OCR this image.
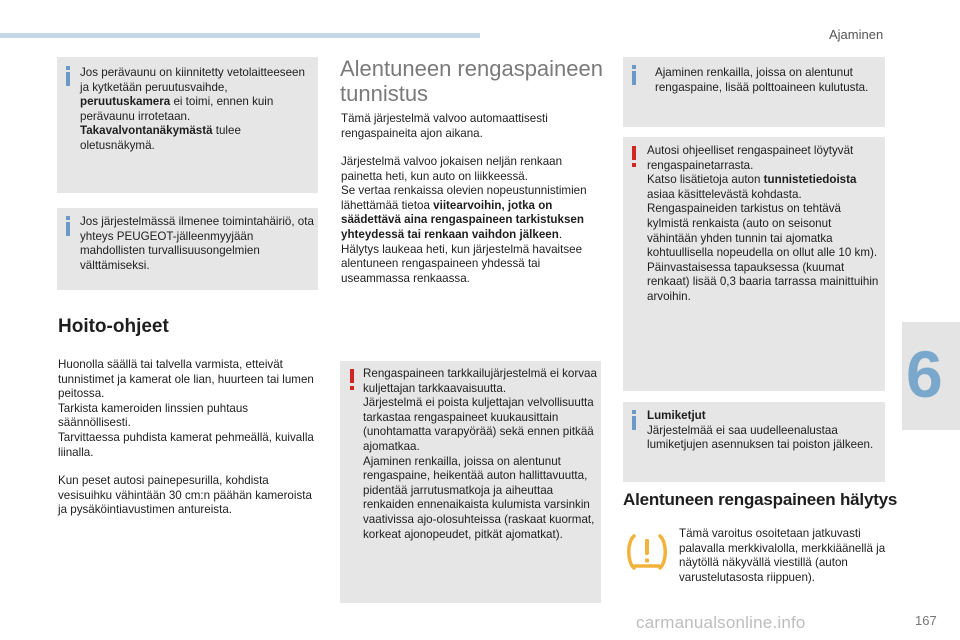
Ajaminen
6
Jos perävaunu on kiinnitetty vetolaitteeseen ja kytketään peruutusvaihde, peruutuskamera ei toimi, ennen kuin perävaunu irrotetaan. Takavalvontanäkymästä tulee oletusnäkymä.
Jos järjestelmässä ilmenee toimintahäiriö, ota yhteys PEUGEOT-jälleenmyyjään mahdollisten turvallisuusongelmien välttämiseksi.
Hoito-ohjeet

Huonolla säällä tai talvella varmista, etteivät tunnistimet ja kamerat ole lian, huurteen tai lumen peitossa.

Tarkista kameroiden linssien puhtaus säännöllisesti.

Tarvittaessa puhdista kamerat pehmeällä, kuivalla liinalla.

Kun peset autosi painepesurilla, kohdista vesisuihku vähintään 30 cm:n päähän kameroista ja pysäköintiavustimen antureista.

Alentuneen rengaspaineen tunnistus
Tämä järjestelmä valvoo automaattisesti rengaspaineita ajon aikana.

Järjestelmä valvoo jokaisen neljän renkaan painetta heti, kun auto on liikkeessä.

Se vertaa renkaissa olevien nopeustunnistimien lähettämää tietoa viitearvoihin, jotka on säädettävä aina rengaspaineen tarkistuksen yhteydessä tai renkaan vaihdon jälkeen.

Hälytys laukeaa heti, kun järjestelmä havaitsee alentuneen rengaspaineen yhdessä tai useammassa renkaassa.

Rengaspaineen tarkkailujärjestelmä ei korvaa kuljettajan tarkkaavaisuutta.

Järjestelmä ei poista kuljettajan velvollisuutta tarkastaa rengaspaineet kuukausittain (unohtamatta varapyörää) sekä ennen pitkää ajomatkaa.

Ajaminen renkailla, joissa on alentunut rengaspaine, heikentää auton hallittavuutta, pidentää jarrutusmatkoja ja aiheuttaa renkaiden ennenaikaista kulumista varsinkin vaativissa ajo-olosuhteissa (raskaat kuormat, korkeat ajonopeudet, pitkät ajomatkat).

Ajaminen renkailla, joissa on alentunut rengaspaine, lisää polttoaineen kulutusta.

Autosi ohjeelliset rengaspaineet löytyvät rengaspainetarrasta.

Katso lisätietoja auton tunnistetiedoista asiaa käsittelevästä kohdasta.

Rengaspaineiden tarkistus on tehtävä kylmistä renkaista (auto on seisonut vähintään yhden tunnin tai ajomatka kohtuullisella nopeudella on ollut alle 10 km).

Päinvastaisessa tapauksessa (kuumat renkaat) lisää 0,3 baaria tarrassa mainittuihin arvoihin.

Lumiketjut
Järjestelmää ei saa uudelleenalustaa lumiketjujen asennuksen tai poiston jälkeen.
Alentuneen rengaspaineen hälytys
Tämä varoitus osoitetaan jatkuvasti palavalla merkkivalolla, merkkiäänellä ja näytöllä näkyvällä viestillä (auton varustelutasosta riippuen).
carmanualsonline.info	167
